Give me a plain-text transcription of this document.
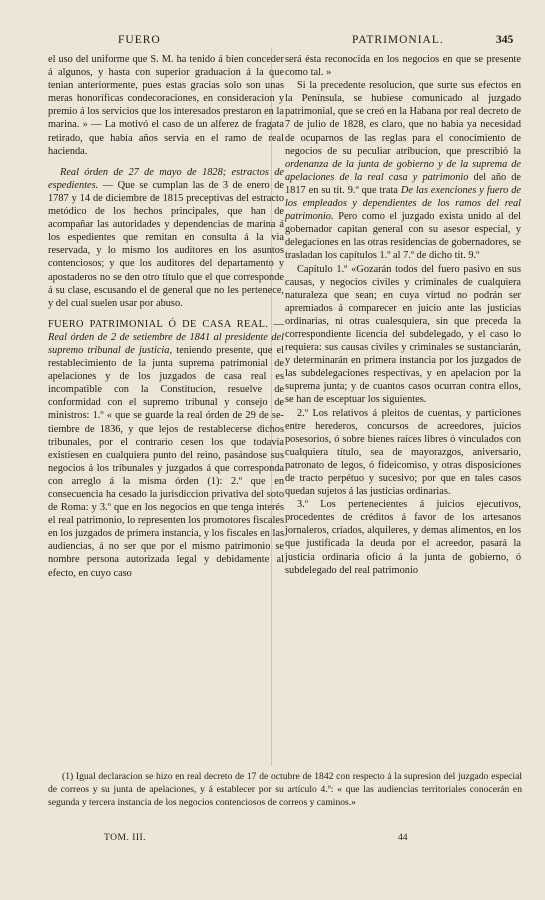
FUERO	PATRIMONIAL.	345

el uso del uniforme que S. M. ha tenido á bien conceder á algunos, y hasta con superior graduacion á la que tenian anteriormente, pues estas gracias solo son unas meras honoríficas condecoraciones, en consideracion y premio á los servicios que los interesados prestaron en la marina. » — La motivó el caso de un alferez de fragata retirado, que habia años servia en el ramo de real hacienda.

Real órden de 27 de mayo de 1828; estractos de espedientes. — Que se cumplan las de 3 de enero de 1787 y 14 de diciembre de 1815 preceptivas del estracto metódico de los hechos principales, que han de acompañar las autoridades y dependencias de marina á los espedientes que remitan en consulta á la via reservada, y lo mismo los auditores en los asuntos contenciosos; y que los auditores del departamento y apostaderos no se den otro título que el que corresponde á su clase, escusando el de general que no les pertenece, y del cual suelen usar por abuso.

FUERO PATRIMONIAL Ó DE CASA REAL. — Real órden de 2 de setiembre de 1841 al presidente del supremo tribunal de justicia, teniendo presente, que el restablecimiento de la junta suprema patrimonial de apelaciones y de los juzgados de casa real es incompatible con la Constitucion, resuelve de conformidad con el supremo tribunal y consejo de ministros: 1.º « que se guarde la real órden de 29 de setiembre de 1836, y que lejos de restablecerse dichos tribunales, por el contrario cesen los que todavía existiesen en cualquiera punto del reino, pasándose sus negocios á los tribunales y juzgados á que corresponda con arreglo á la misma órden (1): 2.º que en consecuencia ha cesado la jurisdiccion privativa del soto de Roma: y 3.º que en los negocios en que tenga interés el real patrimonio, lo representen los promotores fiscales en los juzgados de primera instancia, y los fiscales en las audiencias, á no ser que por el mismo patrimonio se nombre persona autorizada legal y debidamente al efecto, en cuyo caso

será ésta reconocida en los negocios en que se presente como tal. »

Si la precedente resolucion, que surte sus efectos en la Península, se hubiese comunicado al juzgado patrimonial, que se creó en la Habana por real decreto de 7 de julio de 1828, es claro, que no habia ya necesidad de ocuparnos de las reglas para el conocimiento de negocios de su peculiar atribucion, que prescribió la ordenanza de la junta de gobierno y de la suprema de apelaciones de la real casa y patrimonio del año de 1817 en su tít. 9.º que trata De las exenciones y fuero de los empleados y dependientes de los ramos del real patrimonio. Pero como el juzgado exista unido al del gobernador capitan general con su asesor especial, y delegaciones en las otras residencias de gobernadores, se trasladan los capítulos 1.º al 7.º de dicho tít. 9.º

Capítulo 1.º «Gozarán todos del fuero pasivo en sus causas, y negocios civiles y criminales de cualquiera naturaleza que sean; en cuya virtud no podrán ser apremiados á comparecer en juicio ante las justicias ordinarias, ni otras cualesquiera, sin que preceda la correspondiente licencia del subdelegado, y el caso lo requiera: sus causas civiles y criminales se sustanciarán, y determinarán en primera instancia por los juzgados de las subdelegaciones respectivas, y en apelacion por la suprema junta; y de cuantos casos ocurran contra ellos, se han de esceptuar los siguientes.

2.º Los relativos á pleitos de cuentas, y particiones entre herederos, concursos de acreedores, juicios posesorios, ó sobre bienes raíces libres ó vinculados con cualquiera título, sea de mayorazgos, aniversario, patronato de legos, ó fideicomiso, y otras disposiciones de tracto perpétuo y sucesivo; por que en tales casos quedan sujetos á las justicias ordinarias.

3.º Los pertenecientes á juicios ejecutivos, procedentes de créditos á favor de los artesanos jornaleros, criados, alquileres, y demas alimentos, en los que justificada la deuda por el acreedor, pasará la justicia ordinaria oficio á la junta de gobierno, ó subdelegado del real patrimonio

(1) Igual declaracion se hizo en real decreto de 17 de octubre de 1842 con respecto á la supresion del juzgado especial de correos y su junta de apelaciones, y á establecer por su artículo 4.º: « que las audiencias territoriales conocerán en segunda y tercera instancia de los negocios contenciosos de correos y caminos.»

TOM. III.	44
